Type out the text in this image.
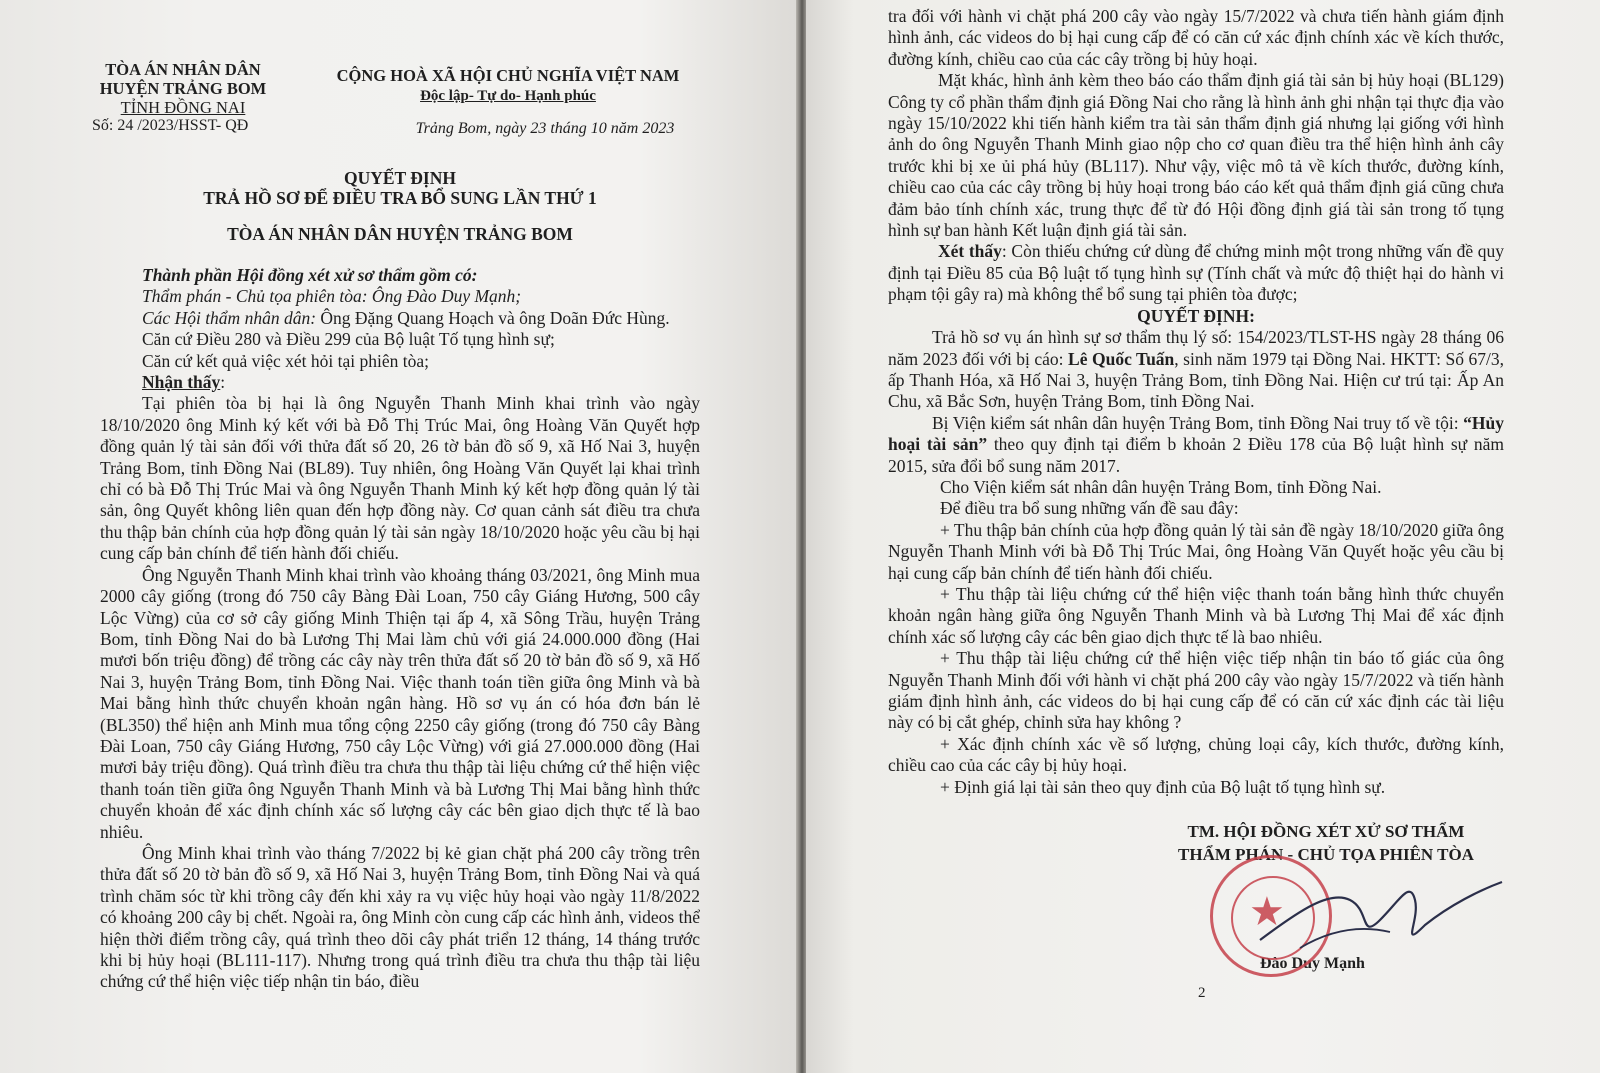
TÒA ÁN NHÂN DÂN
HUYỆN TRẢNG BOM
TỈNH ĐỒNG NAI
Số: 24 /2023/HSST- QĐ
CỘNG HOÀ XÃ HỘI CHỦ NGHĨA VIỆT NAM
Độc lập- Tự do- Hạnh phúc
Trảng Bom, ngày 23 tháng 10 năm 2023
QUYẾT ĐỊNH
TRẢ HỒ SƠ ĐỂ ĐIỀU TRA BỔ SUNG LẦN THỨ 1
TÒA ÁN NHÂN DÂN HUYỆN TRẢNG BOM

Thành phần Hội đồng xét xử sơ thẩm gồm có:

Thẩm phán - Chủ tọa phiên tòa: Ông Đào Duy Mạnh;

Các Hội thẩm nhân dân: Ông Đặng Quang Hoạch và ông Doãn Đức Hùng.

Căn cứ Điều 280 và Điều 299 của Bộ luật Tố tụng hình sự;

Căn cứ kết quả việc xét hỏi tại phiên tòa;

Nhận thấy:

Tại phiên tòa bị hại là ông Nguyễn Thanh Minh khai trình vào ngày 18/10/2020 ông Minh ký kết với bà Đỗ Thị Trúc Mai, ông Hoàng Văn Quyết hợp đồng quản lý tài sản đối với thửa đất số 20, 26 tờ bản đồ số 9, xã Hố Nai 3, huyện Trảng Bom, tỉnh Đồng Nai (BL89). Tuy nhiên, ông Hoàng Văn Quyết lại khai trình chỉ có bà Đỗ Thị Trúc Mai và ông Nguyễn Thanh Minh ký kết hợp đồng quản lý tài sản, ông Quyết không liên quan đến hợp đồng này. Cơ quan cảnh sát điều tra chưa thu thập bản chính của hợp đồng quản lý tài sản ngày 18/10/2020 hoặc yêu cầu bị hại cung cấp bản chính để tiến hành đối chiếu.

Ông Nguyễn Thanh Minh khai trình vào khoảng tháng 03/2021, ông Minh mua 2000 cây giống (trong đó 750 cây Bàng Đài Loan, 750 cây Giáng Hương, 500 cây Lộc Vừng) của cơ sở cây giống Minh Thiện tại ấp 4, xã Sông Trầu, huyện Trảng Bom, tỉnh Đồng Nai do bà Lương Thị Mai làm chủ với giá 24.000.000 đồng (Hai mươi bốn triệu đồng) để trồng các cây này trên thửa đất số 20 tờ bản đồ số 9, xã Hố Nai 3, huyện Trảng Bom, tỉnh Đồng Nai. Việc thanh toán tiền giữa ông Minh và bà Mai bằng hình thức chuyển khoản ngân hàng. Hồ sơ vụ án có hóa đơn bán lẻ (BL350) thể hiện anh Minh mua tổng cộng 2250 cây giống (trong đó 750 cây Bàng Đài Loan, 750 cây Giáng Hương, 750 cây Lộc Vừng) với giá 27.000.000 đồng (Hai mươi bảy triệu đồng). Quá trình điều tra chưa thu thập tài liệu chứng cứ thể hiện việc thanh toán tiền giữa ông Nguyễn Thanh Minh và bà Lương Thị Mai bằng hình thức chuyển khoản để xác định chính xác số lượng cây các bên giao dịch thực tế là bao nhiêu.

Ông Minh khai trình vào tháng 7/2022 bị kẻ gian chặt phá 200 cây trồng trên thửa đất số 20 tờ bản đồ số 9, xã Hố Nai 3, huyện Trảng Bom, tỉnh Đồng Nai và quá trình chăm sóc từ khi trồng cây đến khi xảy ra vụ việc hủy hoại vào ngày 11/8/2022 có khoảng 200 cây bị chết. Ngoài ra, ông Minh còn cung cấp các hình ảnh, videos thể hiện thời điểm trồng cây, quá trình theo dõi cây phát triển 12 tháng, 14 tháng trước khi bị hủy hoại (BL111-117). Nhưng trong quá trình điều tra chưa thu thập tài liệu chứng cứ thể hiện việc tiếp nhận tin báo, điều

tra đối với hành vi chặt phá 200 cây vào ngày 15/7/2022 và chưa tiến hành giám định hình ảnh, các videos do bị hại cung cấp để có căn cứ xác định chính xác về kích thước, đường kính, chiều cao của các cây trồng bị hủy hoại.

Mặt khác, hình ảnh kèm theo báo cáo thẩm định giá tài sản bị hủy hoại (BL129) Công ty cổ phần thẩm định giá Đồng Nai cho rằng là hình ảnh ghi nhận tại thực địa vào ngày 15/10/2022 khi tiến hành kiểm tra tài sản thẩm định giá nhưng lại giống với hình ảnh do ông Nguyễn Thanh Minh giao nộp cho cơ quan điều tra thể hiện hình ảnh cây trước khi bị xe ủi phá hủy (BL117). Như vậy, việc mô tả về kích thước, đường kính, chiều cao của các cây trồng bị hủy hoại trong báo cáo kết quả thẩm định giá cũng chưa đảm bảo tính chính xác, trung thực để từ đó Hội đồng định giá tài sản trong tố tụng hình sự ban hành Kết luận định giá tài sản.

Xét thấy: Còn thiếu chứng cứ dùng để chứng minh một trong những vấn đề quy định tại Điều 85 của Bộ luật tố tụng hình sự (Tính chất và mức độ thiệt hại do hành vi phạm tội gây ra) mà không thể bổ sung tại phiên tòa được;

QUYẾT ĐỊNH:

Trả hồ sơ vụ án hình sự sơ thẩm thụ lý số: 154/2023/TLST-HS ngày 28 tháng 06 năm 2023 đối với bị cáo: Lê Quốc Tuấn, sinh năm 1979 tại Đồng Nai. HKTT: Số 67/3, ấp Thanh Hóa, xã Hố Nai 3, huyện Trảng Bom, tỉnh Đồng Nai. Hiện cư trú tại: Ấp An Chu, xã Bắc Sơn, huyện Trảng Bom, tỉnh Đồng Nai.

Bị Viện kiểm sát nhân dân huyện Trảng Bom, tỉnh Đồng Nai truy tố về tội: “Hủy hoại tài sản” theo quy định tại điểm b khoản 2 Điều 178 của Bộ luật hình sự năm 2015, sửa đổi bổ sung năm 2017.

Cho Viện kiểm sát nhân dân huyện Trảng Bom, tỉnh Đồng Nai.

Để điều tra bổ sung những vấn đề sau đây:

+ Thu thập bản chính của hợp đồng quản lý tài sản đề ngày 18/10/2020 giữa ông Nguyễn Thanh Minh với bà Đỗ Thị Trúc Mai, ông Hoàng Văn Quyết hoặc yêu cầu bị hại cung cấp bản chính để tiến hành đối chiếu.

+ Thu thập tài liệu chứng cứ thể hiện việc thanh toán bằng hình thức chuyển khoản ngân hàng giữa ông Nguyễn Thanh Minh và bà Lương Thị Mai để xác định chính xác số lượng cây các bên giao dịch thực tế là bao nhiêu.

+ Thu thập tài liệu chứng cứ thể hiện việc tiếp nhận tin báo tố giác của ông Nguyễn Thanh Minh đối với hành vi chặt phá 200 cây vào ngày 15/7/2022 và tiến hành giám định hình ảnh, các videos do bị hại cung cấp để có căn cứ xác định các tài liệu này có bị cắt ghép, chỉnh sửa hay không ?

+ Xác định chính xác về số lượng, chủng loại cây, kích thước, đường kính, chiều cao của các cây bị hủy hoại.

+ Định giá lại tài sản theo quy định của Bộ luật tố tụng hình sự.

TM. HỘI ĐỒNG XÉT XỬ SƠ THẨM
THẨM PHÁN - CHỦ TỌA PHIÊN TÒA
Đào Duy Mạnh
2
★
